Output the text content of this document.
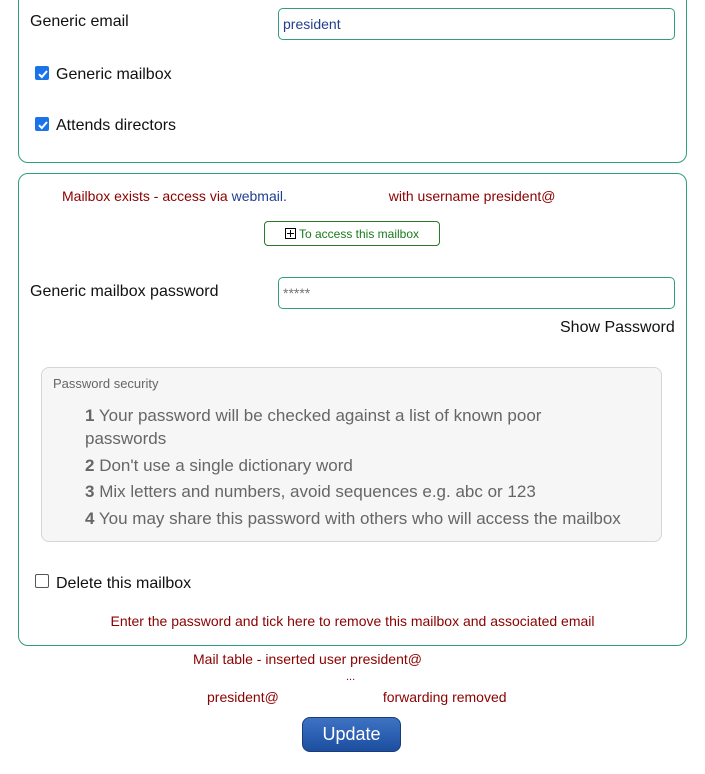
Generic email
president
Generic mailbox
Attends directors
Mailbox exists - access via webmail.	with username president@
To access this mailbox
Generic mailbox password
Show Password
Password security
1 Your password will be checked against a list of known poor passwords
2 Don't use a single dictionary word
3 Mix letters and numbers, avoid sequences e.g. abc or 123
4 You may share this password with others who will access the mailbox
Delete this mailbox
Enter the password and tick here to remove this mailbox and associated email
Mail table - inserted user president@
...
president@	forwarding removed
Update
